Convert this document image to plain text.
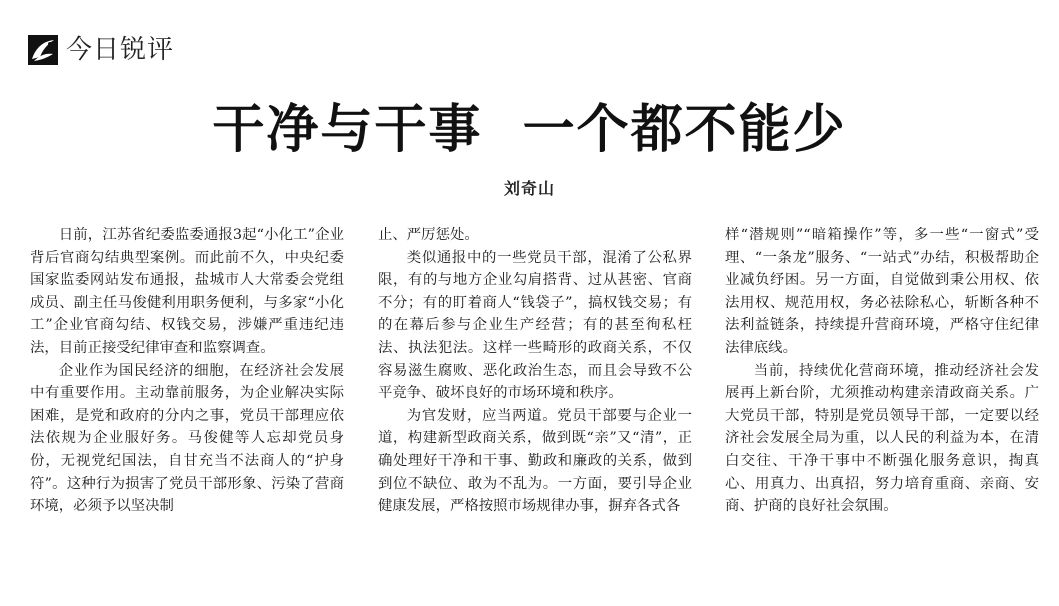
今日锐评
干净与干事  一个都不能少
刘奇山

日前，江苏省纪委监委通报3起“小化工”企业背后官商勾结典型案例。而此前不久，中央纪委国家监委网站发布通报，盐城市人大常委会党组成员、副主任马俊健利用职务便利，与多家“小化工”企业官商勾结、权钱交易，涉嫌严重违纪违法，目前正接受纪律审查和监察调查。

企业作为国民经济的细胞，在经济社会发展中有重要作用。主动靠前服务，为企业解决实际困难，是党和政府的分内之事，党员干部理应依法依规为企业服好务。马俊健等人忘却党员身份，无视党纪国法，自甘充当不法商人的“护身符”。这种行为损害了党员干部形象、污染了营商环境，必须予以坚决制

止、严厉惩处。

类似通报中的一些党员干部，混淆了公私界限，有的与地方企业勾肩搭背、过从甚密、官商不分；有的盯着商人“钱袋子”，搞权钱交易；有的在幕后参与企业生产经营；有的甚至徇私枉法、执法犯法。这样一些畸形的政商关系，不仅容易滋生腐败、恶化政治生态，而且会导致不公平竞争、破坏良好的市场环境和秩序。

为官发财，应当两道。党员干部要与企业一道，构建新型政商关系，做到既“亲”又“清”，正确处理好干净和干事、勤政和廉政的关系，做到到位不缺位、敢为不乱为。一方面，要引导企业健康发展，严格按照市场规律办事，摒弃各式各

样“潜规则”“暗箱操作”等，多一些“一窗式”受理、“一条龙”服务、“一站式”办结，积极帮助企业减负纾困。另一方面，自觉做到秉公用权、依法用权、规范用权，务必祛除私心，斩断各种不法利益链条，持续提升营商环境，严格守住纪律法律底线。

当前，持续优化营商环境，推动经济社会发展再上新台阶，尤须推动构建亲清政商关系。广大党员干部，特别是党员领导干部，一定要以经济社会发展全局为重，以人民的利益为本，在清白交往、干净干事中不断强化服务意识，掏真心、用真力、出真招，努力培育重商、亲商、安商、护商的良好社会氛围。
